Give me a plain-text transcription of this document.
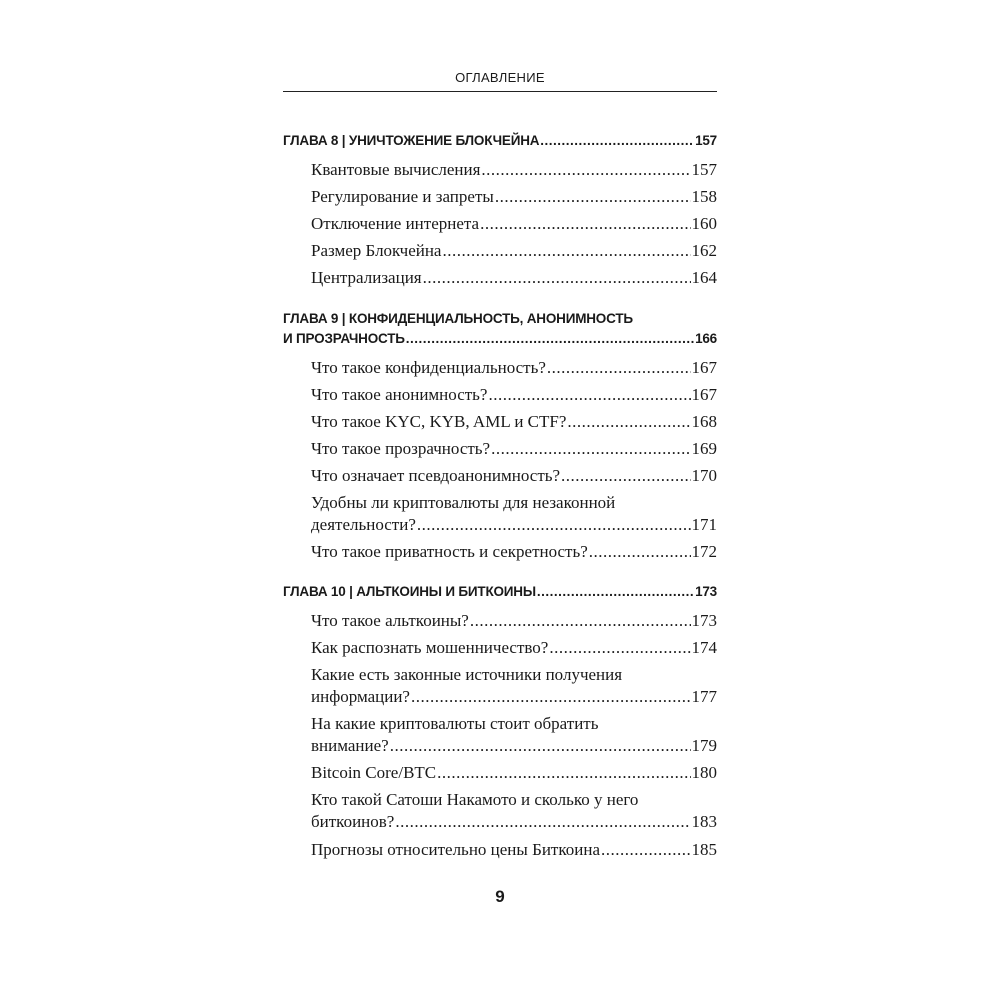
ОГЛАВЛЕНИЕ
ГЛАВА 8 | УНИЧТОЖЕНИЕ БЛОКЧЕЙНА .....	157
Квантовые вычисления .....	157
Регулирование и запреты .....	158
Отключение интернета .....	160
Размер Блокчейна .....	162
Централизация .....	164
ГЛАВА 9 | КОНФИДЕНЦИАЛЬНОСТЬ, АНОНИМНОСТЬ
И ПРОЗРАЧНОСТЬ .....	166
Что такое конфиденциальность? .....	167
Что такое анонимность? .....	167
Что такое KYC, KYB, AML и CTF? .....	168
Что такое прозрачность? .....	169
Что означает псевдоанонимность? .....	170
Удобны ли криптовалюты для незаконной
деятельности? .....	171
Что такое приватность и секретность? .....	172
ГЛАВА 10 | АЛЬТКОИНЫ И БИТКОИНЫ .....	173
Что такое альткоины? .....	173
Как распознать мошенничество? .....	174
Какие есть законные источники получения
информации? .....	177
На какие криптовалюты стоит обратить
внимание? .....	179
Bitcoin Core/BTC .....	180
Кто такой Сатоши Накамото и сколько у него
биткоинов? .....	183
Прогнозы относительно цены Биткоина .....	185
9
